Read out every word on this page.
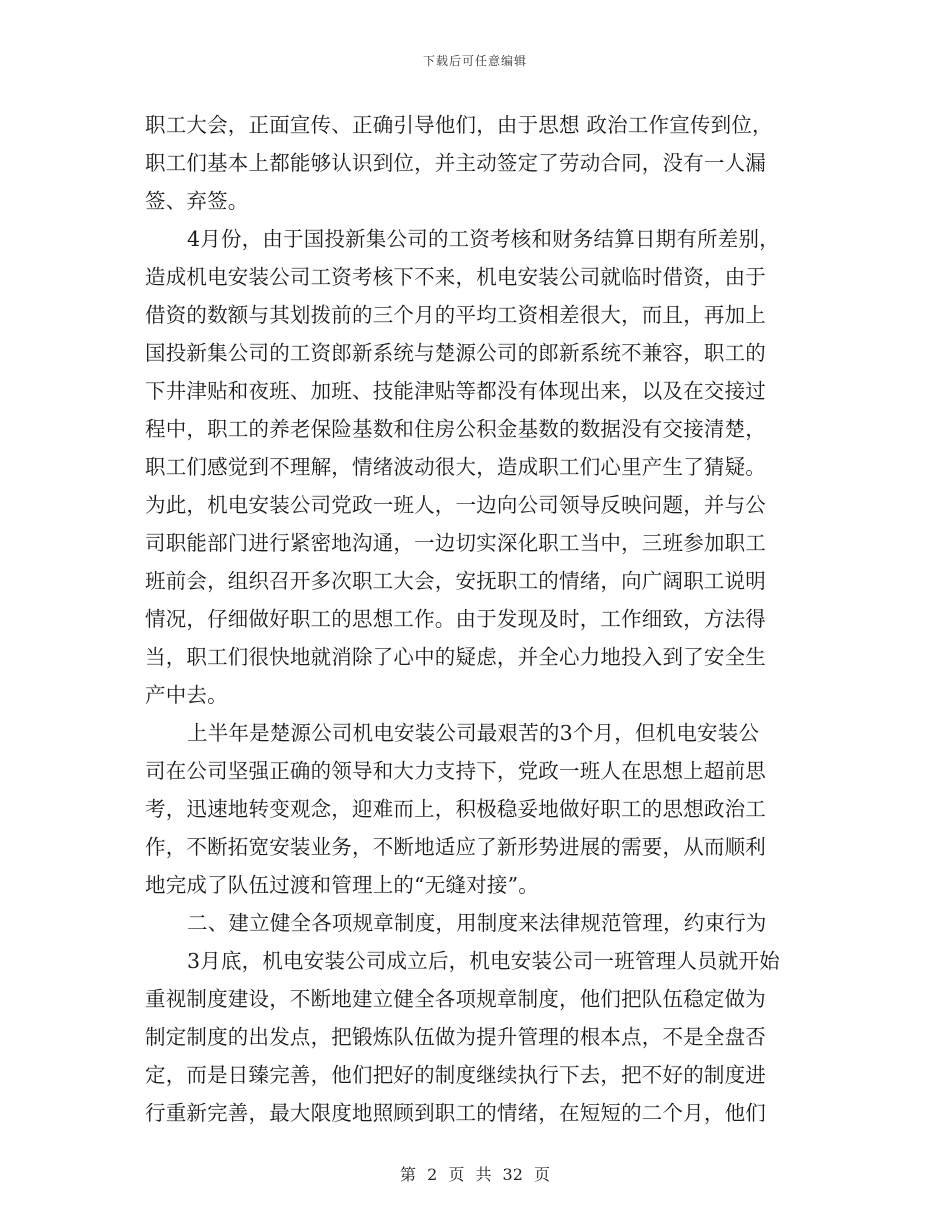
下载后可任意编辑
职工大会，正面宣传、正确引导他们，由于思想 政治工作宣传到位，
职工们基本上都能够认识到位，并主动签定了劳动合同，没有一人漏
签、弃签。
4月份，由于国投新集公司的工资考核和财务结算日期有所差别，
造成机电安装公司工资考核下不来，机电安装公司就临时借资，由于
借资的数额与其划拨前的三个月的平均工资相差很大，而且，再加上
国投新集公司的工资郎新系统与楚源公司的郎新系统不兼容，职工的
下井津贴和夜班、加班、技能津贴等都没有体现出来，以及在交接过
程中，职工的养老保险基数和住房公积金基数的数据没有交接清楚，
职工们感觉到不理解，情绪波动很大，造成职工们心里产生了猜疑。
为此，机电安装公司党政一班人，一边向公司领导反映问题，并与公
司职能部门进行紧密地沟通，一边切实深化职工当中，三班参加职工
班前会，组织召开多次职工大会，安抚职工的情绪，向广阔职工说明
情况，仔细做好职工的思想工作。由于发现及时，工作细致，方法得
当，职工们很快地就消除了心中的疑虑，并全心力地投入到了安全生
产中去。
上半年是楚源公司机电安装公司最艰苦的3个月，但机电安装公
司在公司坚强正确的领导和大力支持下，党政一班人在思想上超前思
考，迅速地转变观念，迎难而上，积极稳妥地做好职工的思想政治工
作，不断拓宽安装业务，不断地适应了新形势进展的需要，从而顺利
地完成了队伍过渡和管理上的“无缝对接”。
二、建立健全各项规章制度，用制度来法律规范管理，约束行为
3月底，机电安装公司成立后，机电安装公司一班管理人员就开始
重视制度建设，不断地建立健全各项规章制度，他们把队伍稳定做为
制定制度的出发点，把锻炼队伍做为提升管理的根本点，不是全盘否
定，而是日臻完善，他们把好的制度继续执行下去，把不好的制度进
行重新完善，最大限度地照顾到职工的情绪，在短短的二个月，他们
第 2 页 共 32 页
